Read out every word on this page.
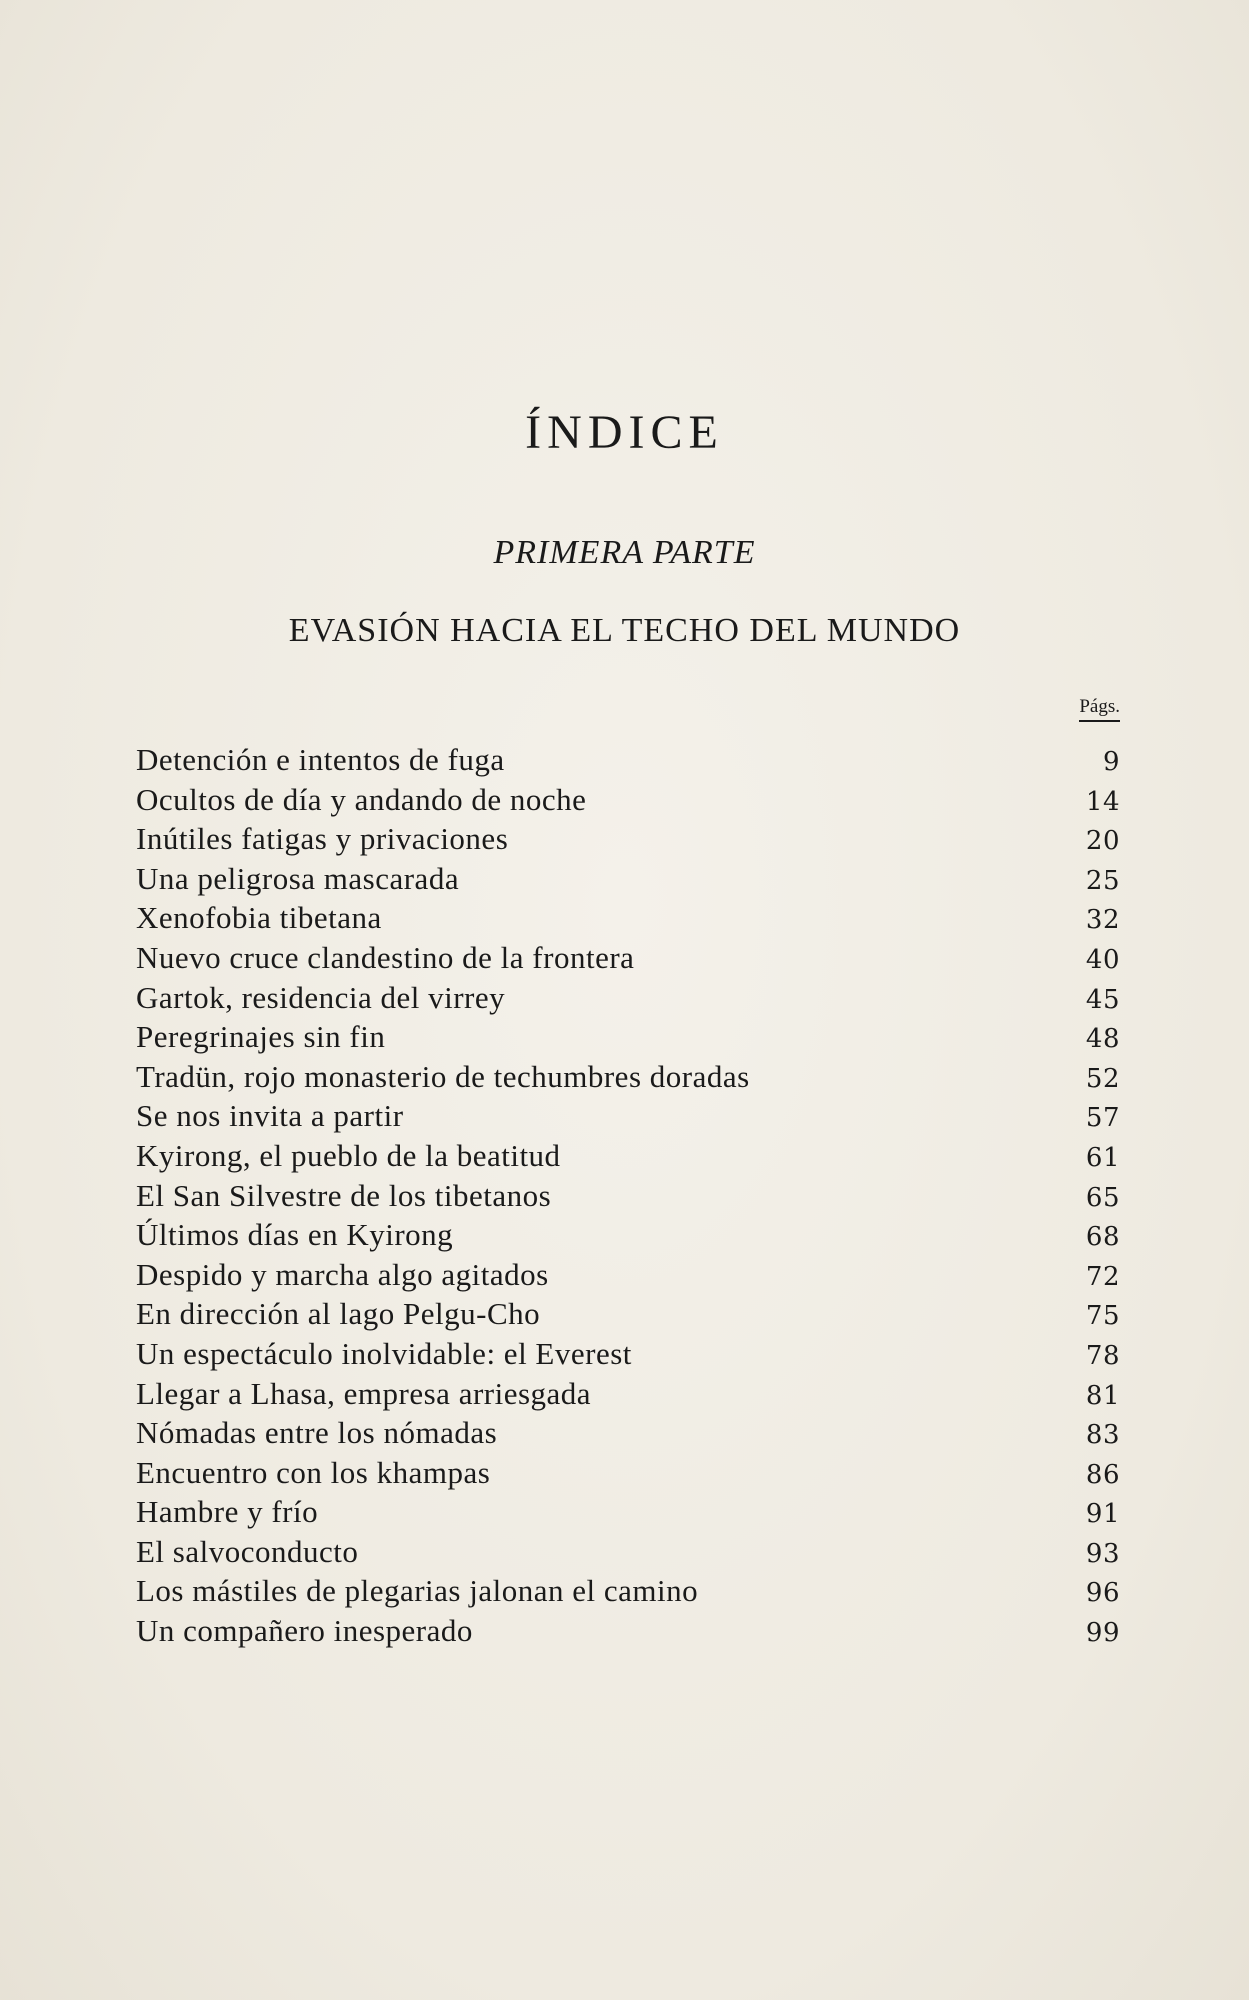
ÍNDICE
PRIMERA PARTE
EVASIÓN HACIA EL TECHO DEL MUNDO
Págs.
Detención e intentos de fuga	9
Ocultos de día y andando de noche	14
Inútiles fatigas y privaciones	20
Una peligrosa mascarada	25
Xenofobia tibetana	32
Nuevo cruce clandestino de la frontera	40
Gartok, residencia del virrey	45
Peregrinajes sin fin	48
Tradün, rojo monasterio de techumbres doradas	52
Se nos invita a partir	57
Kyirong, el pueblo de la beatitud	61
El San Silvestre de los tibetanos	65
Últimos días en Kyirong	68
Despido y marcha algo agitados	72
En dirección al lago Pelgu-Cho	75
Un espectáculo inolvidable: el Everest	78
Llegar a Lhasa, empresa arriesgada	81
Nómadas entre los nómadas	83
Encuentro con los khampas	86
Hambre y frío	91
El salvoconducto	93
Los mástiles de plegarias jalonan el camino	96
Un compañero inesperado	99
